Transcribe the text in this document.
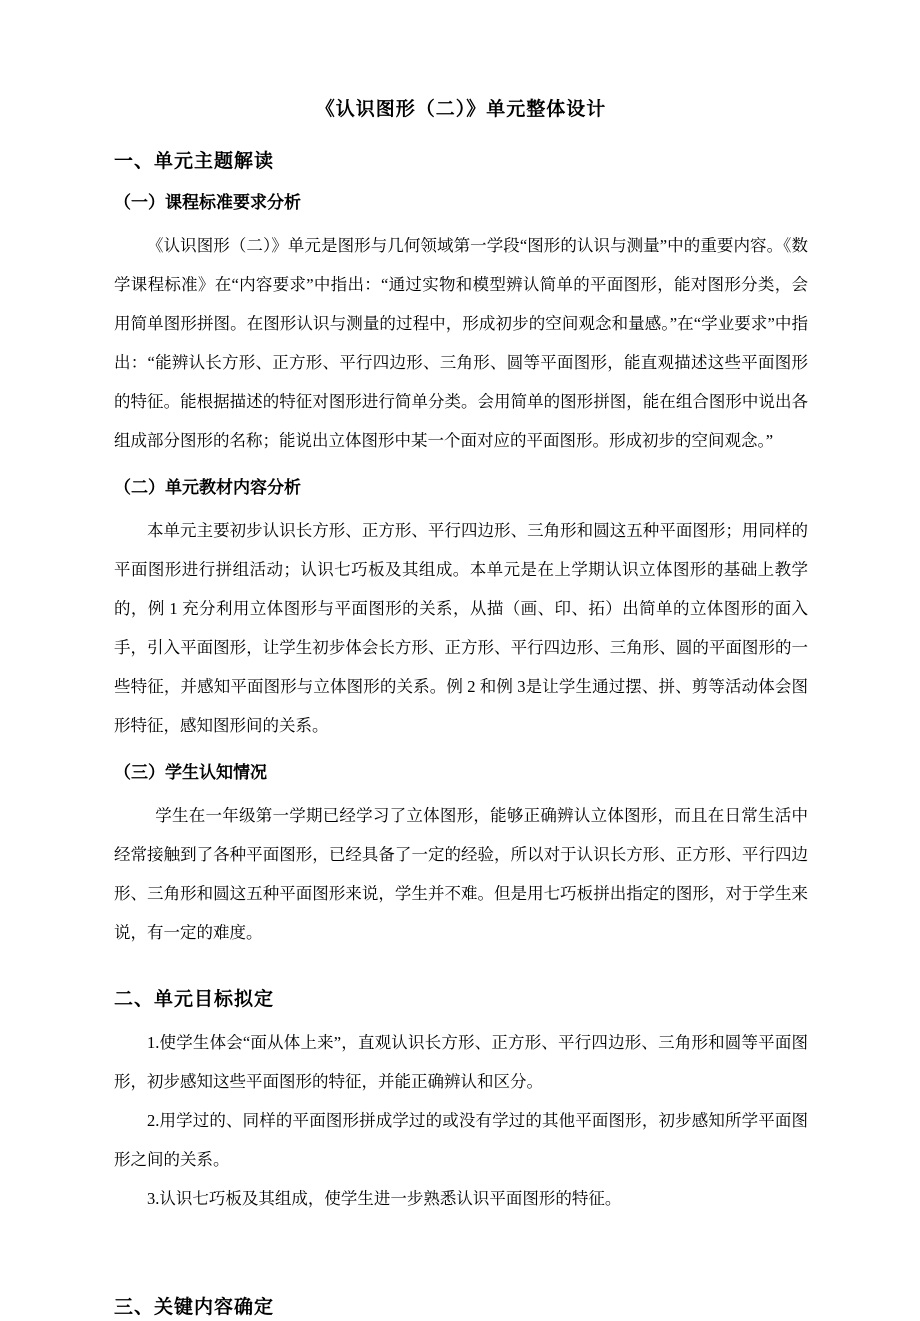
《认识图形（二）》单元整体设计
一、单元主题解读
（一）课程标准要求分析

《认识图形（二）》单元是图形与几何领域第一学段“图形的认识与测量”中的重要内容。《数学课程标准》在“内容要求”中指出：“通过实物和模型辨认简单的平面图形，能对图形分类，会用简单图形拼图。在图形认识与测量的过程中，形成初步的空间观念和量感。”在“学业要求”中指出：“能辨认长方形、正方形、平行四边形、三角形、圆等平面图形，能直观描述这些平面图形的特征。能根据描述的特征对图形进行简单分类。会用简单的图形拼图，能在组合图形中说出各组成部分图形的名称；能说出立体图形中某一个面对应的平面图形。形成初步的空间观念。”

（二）单元教材内容分析

本单元主要初步认识长方形、正方形、平行四边形、三角形和圆这五种平面图形；用同样的平面图形进行拼组活动；认识七巧板及其组成。本单元是在上学期认识立体图形的基础上教学的，例 1 充分利用立体图形与平面图形的关系，从描（画、印、拓）出简单的立体图形的面入手，引入平面图形，让学生初步体会长方形、正方形、平行四边形、三角形、圆的平面图形的一些特征，并感知平面图形与立体图形的关系。例 2 和例 3是让学生通过摆、拼、剪等活动体会图形特征，感知图形间的关系。

（三）学生认知情况

学生在一年级第一学期已经学习了立体图形，能够正确辨认立体图形，而且在日常生活中经常接触到了各种平面图形，已经具备了一定的经验，所以对于认识长方形、正方形、平行四边形、三角形和圆这五种平面图形来说，学生并不难。但是用七巧板拼出指定的图形，对于学生来说，有一定的难度。

二、单元目标拟定

1.使学生体会“面从体上来”，直观认识长方形、正方形、平行四边形、三角形和圆等平面图形，初步感知这些平面图形的特征，并能正确辨认和区分。

2.用学过的、同样的平面图形拼成学过的或没有学过的其他平面图形，初步感知所学平面图形之间的关系。

3.认识七巧板及其组成，使学生进一步熟悉认识平面图形的特征。

三、关键内容确定
